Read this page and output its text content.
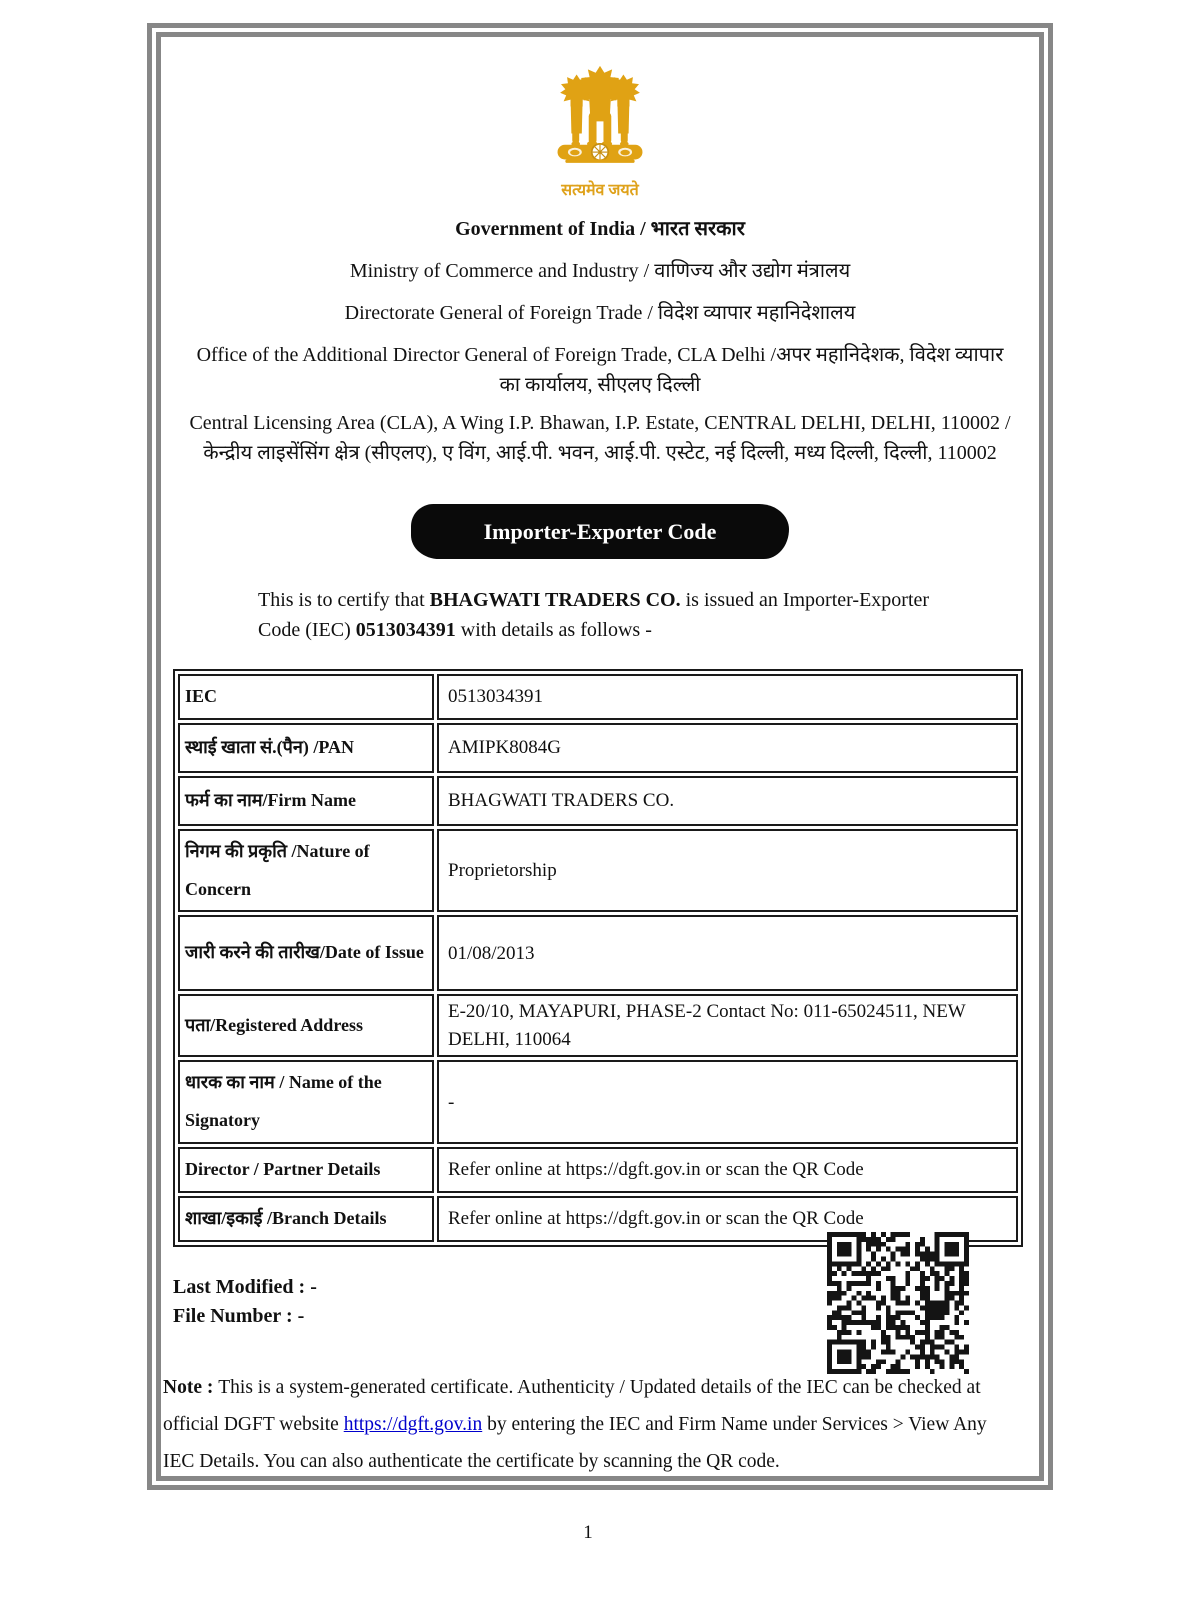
सत्यमेव जयते
Government of India / भारत सरकार
Ministry of Commerce and Industry / वाणिज्य और उद्योग मंत्रालय
Directorate General of Foreign Trade / विदेश व्यापार महानिदेशालय
Office of the Additional Director General of Foreign Trade, CLA Delhi /अपर महानिदेशक, विदेश व्यापार का कार्यालय, सीएलए दिल्ली
Central Licensing Area (CLA), A Wing I.P. Bhawan, I.P. Estate, CENTRAL DELHI, DELHI, 110002 / केन्द्रीय लाइसेंसिंग क्षेत्र (सीएलए), ए विंग, आई.पी. भवन, आई.पी. एस्टेट, नई दिल्ली, मध्य दिल्ली, दिल्ली, 110002
Importer-Exporter Code

This is to certify that BHAGWATI TRADERS CO. is issued an Importer-Exporter Code (IEC) 0513034391 with details as follows -

IEC	0513034391
स्थाई खाता सं.(पैन) /PAN	AMIPK8084G
फर्म का नाम/Firm Name	BHAGWATI TRADERS CO.
निगम की प्रकृति /Nature of Concern	Proprietorship
जारी करने की तारीख/Date of Issue	01/08/2013
पता/Registered Address	E-20/10, MAYAPURI, PHASE-2 Contact No: 011-65024511, NEW DELHI, 110064
धारक का नाम / Name of the Signatory	-
Director / Partner Details	Refer online at https://dgft.gov.in or scan the QR Code
शाखा/इकाई /Branch Details	Refer online at https://dgft.gov.in or scan the QR Code
Last Modified : -
File Number : -

Note : This is a system-generated certificate. Authenticity / Updated details of the IEC can be checked at official DGFT website https://dgft.gov.in by entering the IEC and Firm Name under Services > View Any IEC Details. You can also authenticate the certificate by scanning the QR code.

1
